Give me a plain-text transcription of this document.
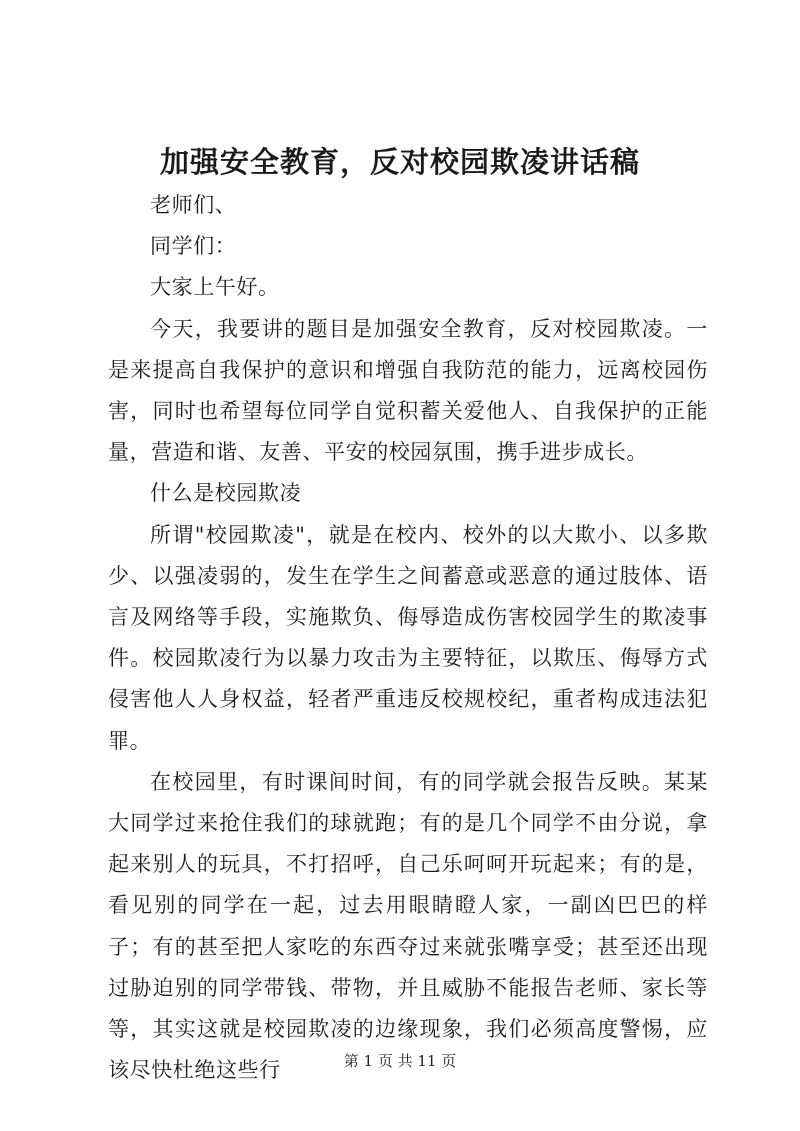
加强安全教育，反对校园欺凌讲话稿

老师们、

同学们：

大家上午好。

今天，我要讲的题目是加强安全教育，反对校园欺凌。一是来提高自我保护的意识和增强自我防范的能力，远离校园伤害，同时也希望每位同学自觉积蓄关爱他人、自我保护的正能量，营造和谐、友善、平安的校园氛围，携手进步成长。

什么是校园欺凌

所谓"校园欺凌"，就是在校内、校外的以大欺小、以多欺少、以强凌弱的，发生在学生之间蓄意或恶意的通过肢体、语言及网络等手段，实施欺负、侮辱造成伤害校园学生的欺凌事件。校园欺凌行为以暴力攻击为主要特征，以欺压、侮辱方式侵害他人人身权益，轻者严重违反校规校纪，重者构成违法犯罪。

在校园里，有时课间时间，有的同学就会报告反映。某某大同学过来抢住我们的球就跑；有的是几个同学不由分说，拿起来别人的玩具，不打招呼，自己乐呵呵开玩起来；有的是，看见别的同学在一起，过去用眼睛瞪人家，一副凶巴巴的样子；有的甚至把人家吃的东西夺过来就张嘴享受；甚至还出现过胁迫别的同学带钱、带物，并且威胁不能报告老师、家长等等，其实这就是校园欺凌的边缘现象，我们必须高度警惕，应该尽快杜绝这些行	第 1 页 共 11 页
